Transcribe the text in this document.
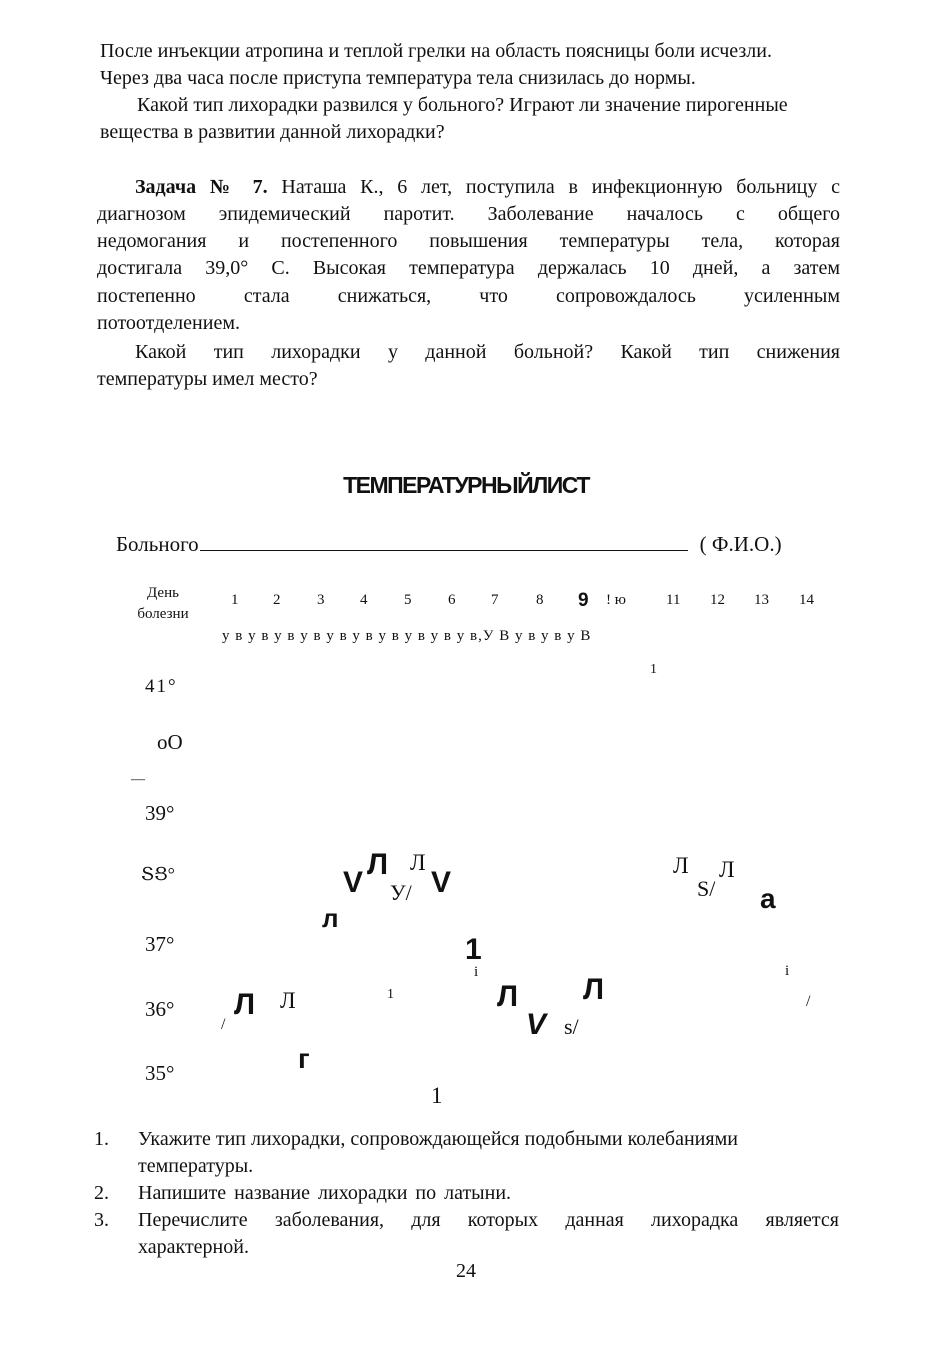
После инъекции атропина и теплой грелки на область поясницы боли исчезли.
Через два часа после приступа температура тела снизилась до нормы.
Какой тип лихорадки развился у больного? Играют ли значение пирогенные
вещества в развитии данной лихорадки?

Задача № 7. Наташа К., 6 лет, поступила в инфекционную больницу с

диагнозом эпидемический паротит. Заболевание началось с общего

недомогания и постепенного повышения температуры тела, которая

достигала 39,0° С. Высокая температура держалась 10 дней, а затем

постепенно стала снижаться, что сопровождалось усиленным

потоотделением.

Какой тип лихорадки у данной больной? Какой тип снижения

температуры имел место?

ТЕМПЕРАТУРНЫЙЛИСТ
Больного	( Ф.И.О.)
День
болезни
1 2 3 4 5 6 7	8 9 ! ю	11 12 13 14
у в у в у в у в у в у в у в у в у в у в,У В у в у в у В
1
41°
оО
—
39°
ՏՑ°
37°
36°
35°
V
Л Л
У/ V
л
Л
S/
Л
a
1
i	i
Л Л	1	Л
V s/
Л
/
/
г
1
1. Укажите тип лихорадки, сопровождающейся подобными колебаниями
температуры.
2. Напишите название лихорадки по латыни.
3. Перечислите заболевания, для которых данная лихорадка является
характерной.
24
